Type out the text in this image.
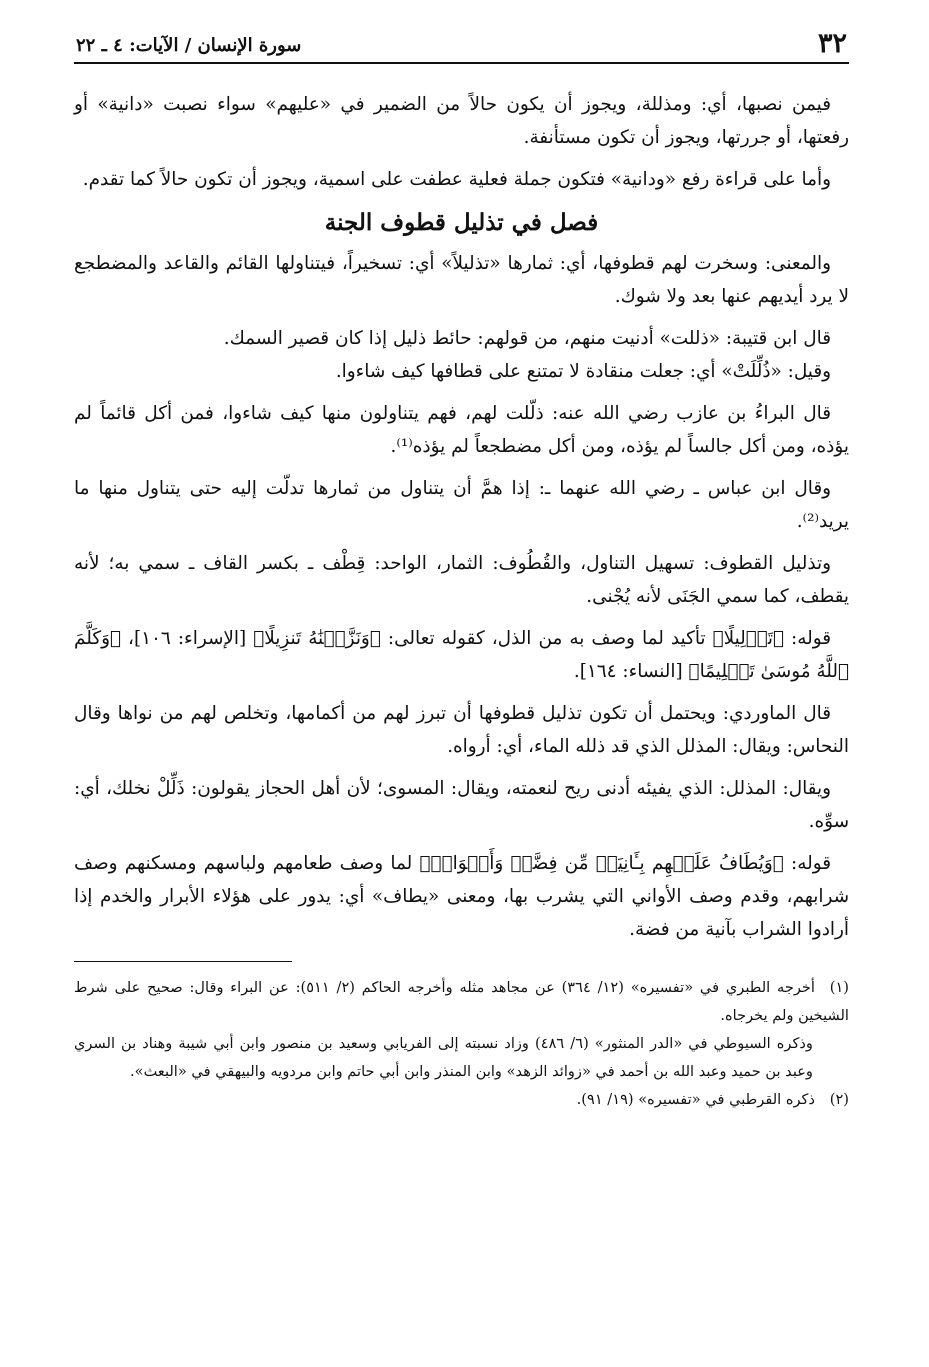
٣٢
سورة الإنسان / الآيات: ٤ ـ ٢٢

فيمن نصبها، أي: ومذللة، ويجوز أن يكون حالاً من الضمير في «عليهم» سواء نصبت «دانية» أو رفعتها، أو جررتها، ويجوز أن تكون مستأنفة.

وأما على قراءة رفع «ودانية» فتكون جملة فعلية عطفت على اسمية، ويجوز أن تكون حالاً كما تقدم.

فصل في تذليل قطوف الجنة

والمعنى: وسخرت لهم قطوفها، أي: ثمارها «تذليلاً» أي: تسخيراً، فيتناولها القائم والقاعد والمضطجع لا يرد أيديهم عنها بعد ولا شوك.

قال ابن قتيبة: «ذللت» أدنيت منهم، من قولهم: حائط ذليل إذا كان قصير السمك.

وقيل: «ذُلِّلَتْ» أي: جعلت منقادة لا تمتنع على قطافها كيف شاءوا.

قال البراءُ بن عازب رضي الله عنه: ذلّلت لهم، فهم يتناولون منها كيف شاءوا، فمن أكل قائماً لم يؤذه، ومن أكل جالساً لم يؤذه، ومن أكل مضطجعاً لم يؤذه⁽¹⁾.

وقال ابن عباس ـ رضي الله عنهما ـ: إذا همَّ أن يتناول من ثمارها تدلّت إليه حتى يتناول منها ما يريد⁽²⁾.

وتذليل القطوف: تسهيل التناول، والقُطُوف: الثمار، الواحد: قِطْف ـ بكسر القاف ـ سمي به؛ لأنه يقطف، كما سمي الجَنَى لأنه يُجْنى.

قوله: ﴿تَذۡلِيلًا﴾ تأكيد لما وصف به من الذل، كقوله تعالى: ﴿وَنَزَّلۡنَٰهُ تَنزِيلًا﴾ [الإسراء: ١٠٦]، ﴿وَكَلَّمَ ٱللَّهُ مُوسَىٰ تَكۡلِيمًا﴾ [النساء: ١٦٤].

قال الماوردي: ويحتمل أن تكون تذليل قطوفها أن تبرز لهم من أكمامها، وتخلص لهم من نواها وقال النحاس: ويقال: المذلل الذي قد ذلله الماء، أي: أرواه.

ويقال: المذلل: الذي يفيئه أدنى ريح لنعمته، ويقال: المسوى؛ لأن أهل الحجاز يقولون: ذَلِّلْ نخلك، أي: سوِّه.

قوله: ﴿وَيُطَافُ عَلَيۡهِم بِـَٔانِيَةٖ مِّن فِضَّةٖ وَأَكۡوَابٖ﴾ لما وصف طعامهم ولباسهم ومسكنهم وصف شرابهم، وقدم وصف الأواني التي يشرب بها، ومعنى «يطاف» أي: يدور على هؤلاء الأبرار والخدم إذا أرادوا الشراب بآنية من فضة.

(١)أخرجه الطبري في «تفسيره» (١٢/ ٣٦٤) عن مجاهد مثله وأخرجه الحاكم (٢/ ٥١١): عن البراء وقال: صحيح على شرط الشيخين ولم يخرجاه.

وذكره السيوطي في «الدر المنثور» (٦/ ٤٨٦) وزاد نسبته إلى الفريابي وسعيد بن منصور وابن أبي شيبة وهناد بن السري وعبد بن حميد وعبد الله بن أحمد في «زوائد الزهد» وابن المنذر وابن أبي حاتم وابن مردويه والبيهقي في «البعث».

(٢)ذكره القرطبي في «تفسيره» (١٩/ ٩١).
